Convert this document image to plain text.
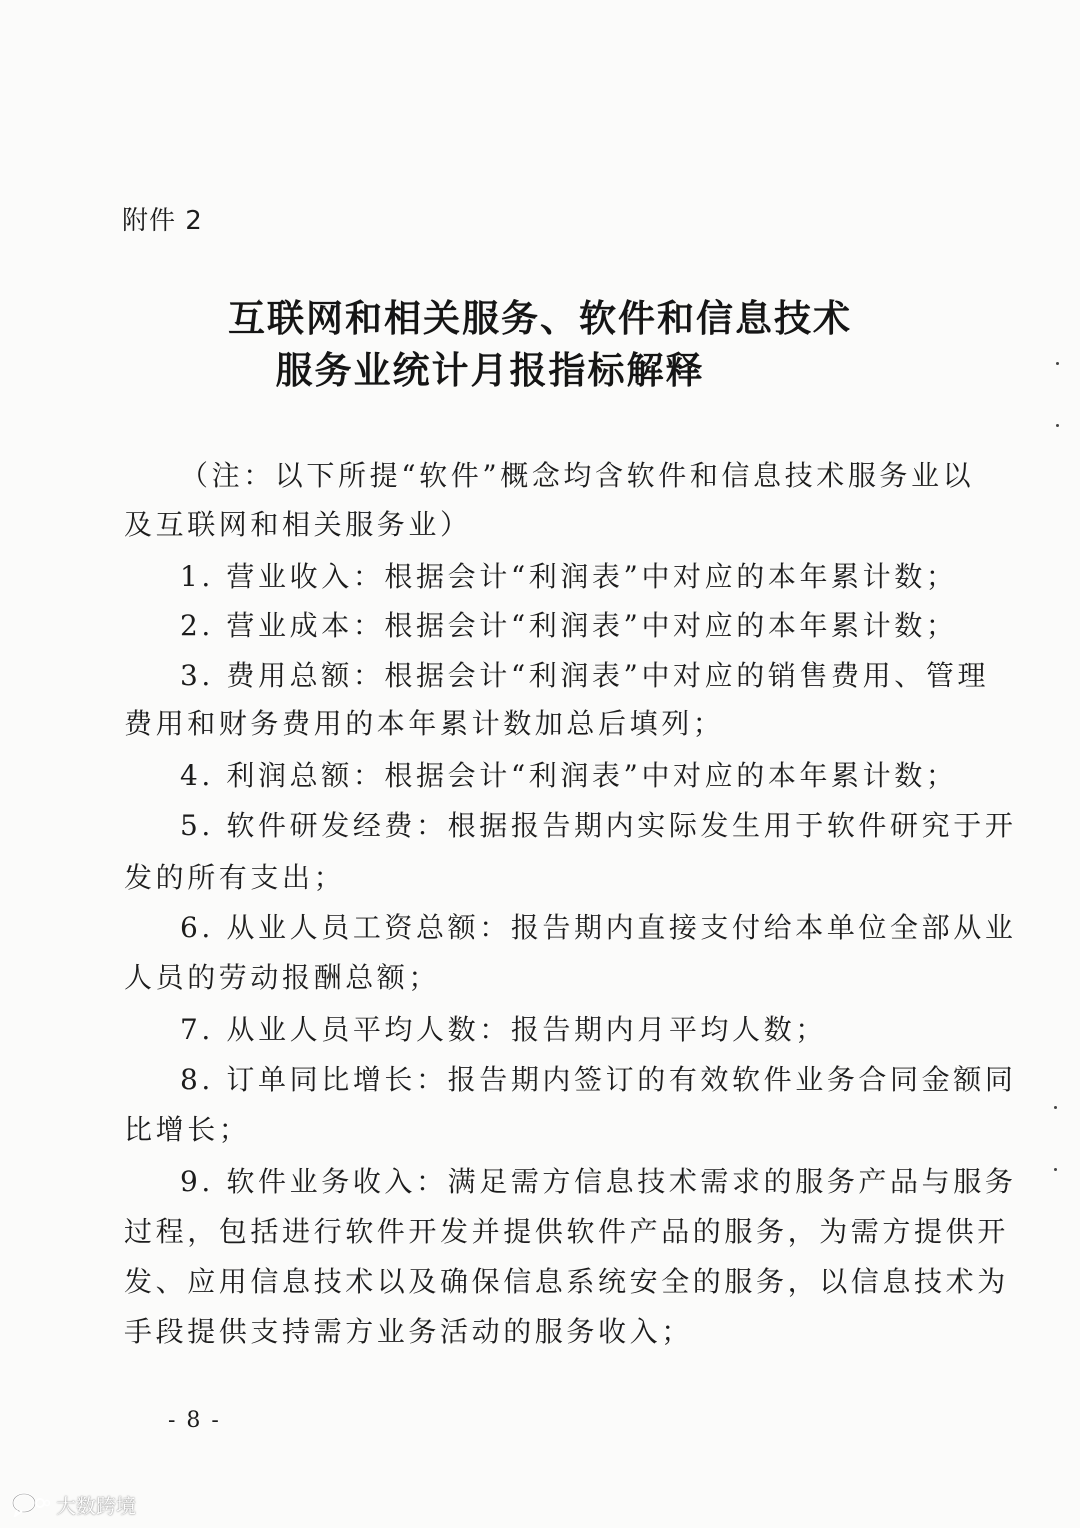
附件 2
互联网和相关服务、软件和信息技术
服务业统计月报指标解释
（注：以下所提“软件”概念均含软件和信息技术服务业以
及互联网和相关服务业）
1. 营业收入：根据会计“利润表”中对应的本年累计数；
2. 营业成本：根据会计“利润表”中对应的本年累计数；
3. 费用总额：根据会计“利润表”中对应的销售费用、管理
费用和财务费用的本年累计数加总后填列；
4. 利润总额：根据会计“利润表”中对应的本年累计数；
5. 软件研发经费：根据报告期内实际发生用于软件研究于开
发的所有支出；
6. 从业人员工资总额：报告期内直接支付给本单位全部从业
人员的劳动报酬总额；
7. 从业人员平均人数：报告期内月平均人数；
8. 订单同比增长：报告期内签订的有效软件业务合同金额同
比增长；
9. 软件业务收入：满足需方信息技术需求的服务产品与服务
过程，包括进行软件开发并提供软件产品的服务，为需方提供开
发、应用信息技术以及确保信息系统安全的服务，以信息技术为
手段提供支持需方业务活动的服务收入；
- 8 -
大数跨境
